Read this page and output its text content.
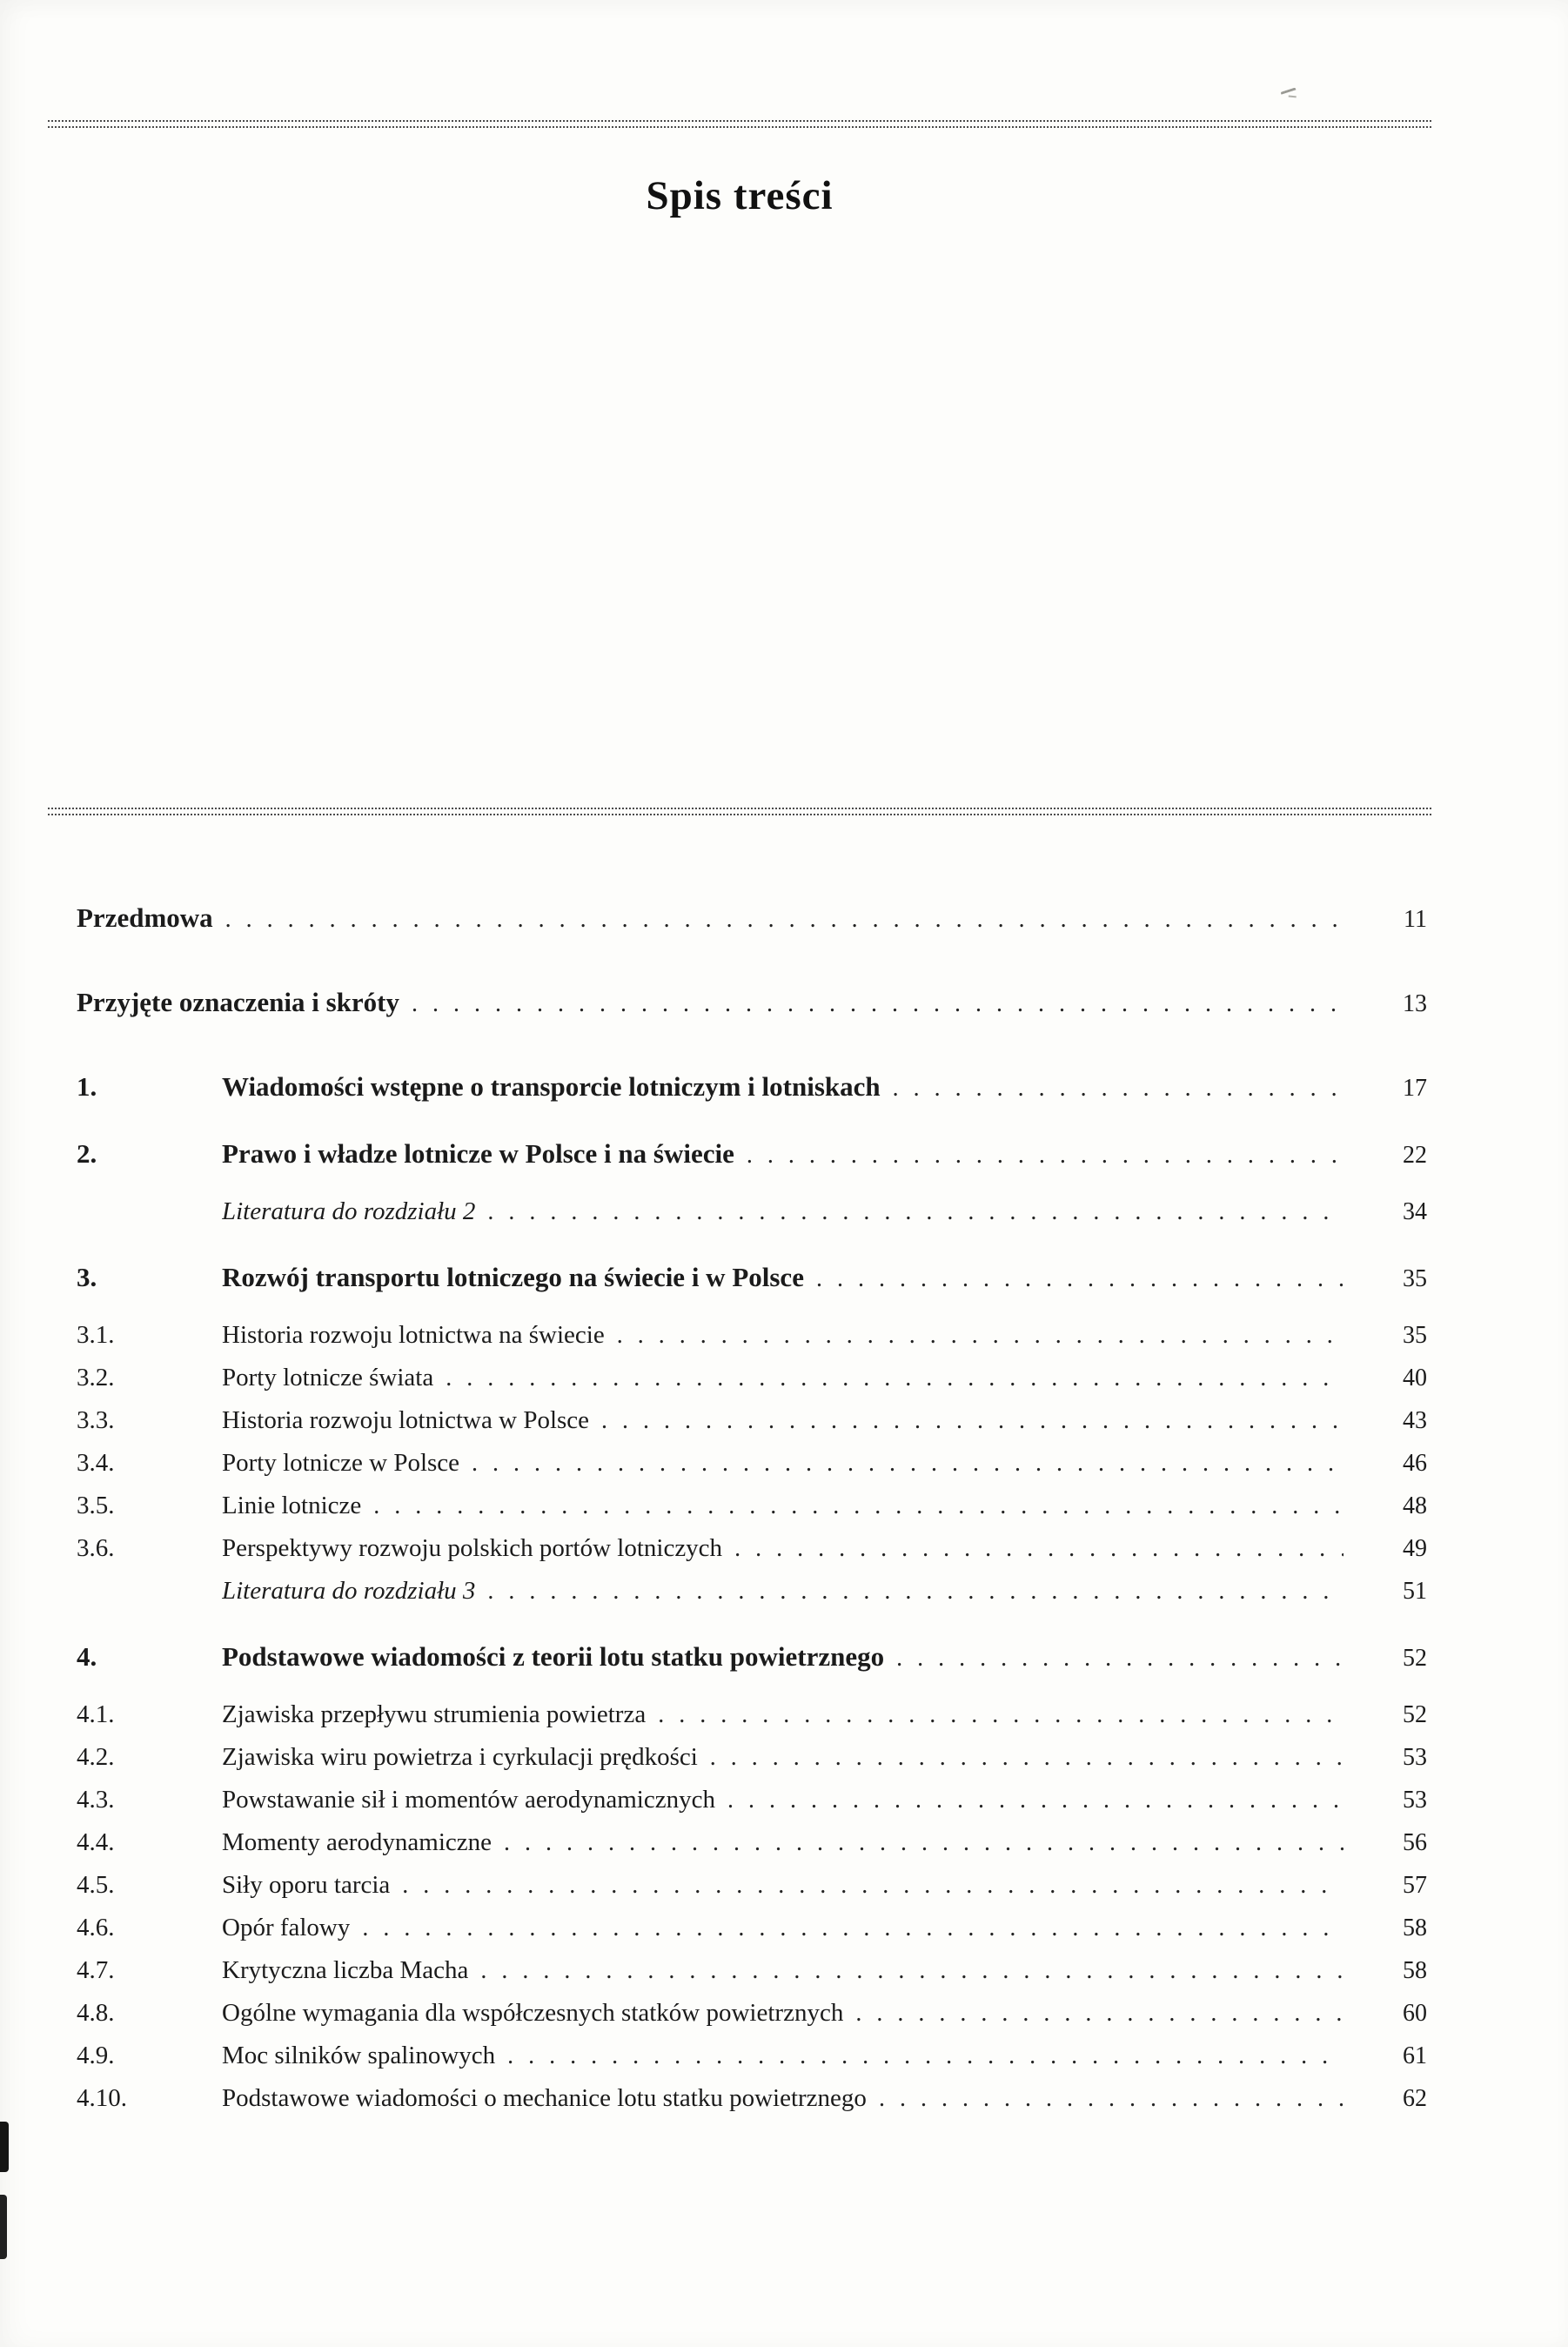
Spis treści
Przedmowa . . .	11
Przyjęte oznaczenia i skróty . . .	13
1.	Wiadomości wstępne o transporcie lotniczym i lotniskach . . .	17
2.	Prawo i władze lotnicze w Polsce i na świecie . . .	22
Literatura do rozdziału 2 . . .	34
3.	Rozwój transportu lotniczego na świecie i w Polsce . . .	35
3.1.	Historia rozwoju lotnictwa na świecie . . .	35
3.2.	Porty lotnicze świata . . .	40
3.3.	Historia rozwoju lotnictwa w Polsce . . .	43
3.4.	Porty lotnicze w Polsce . . .	46
3.5.	Linie lotnicze . . .	48
3.6.	Perspektywy rozwoju polskich portów lotniczych . . .	49
Literatura do rozdziału 3 . . .	51
4.	Podstawowe wiadomości z teorii lotu statku powietrznego . . .	52
4.1.	Zjawiska przepływu strumienia powietrza . . .	52
4.2.	Zjawiska wiru powietrza i cyrkulacji prędkości . . .	53
4.3.	Powstawanie sił i momentów aerodynamicznych . . .	53
4.4.	Momenty aerodynamiczne . . .	56
4.5.	Siły oporu tarcia . . .	57
4.6.	Opór falowy . . .	58
4.7.	Krytyczna liczba Macha . . .	58
4.8.	Ogólne wymagania dla współczesnych statków powietrznych . . .	60
4.9.	Moc silników spalinowych . . .	61
4.10.	Podstawowe wiadomości o mechanice lotu statku powietrznego . . .	62
